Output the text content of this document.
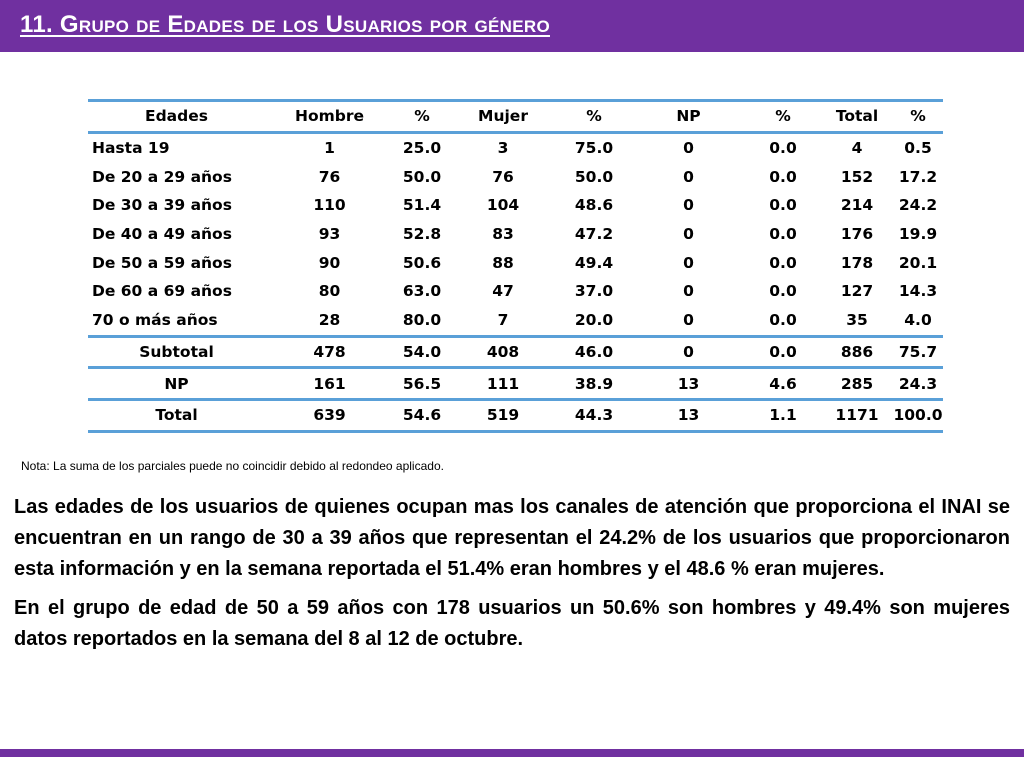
11. Grupo de Edades de los Usuarios por género
Edades	Hombre	%	Mujer	%	NP	%	Total	%
Hasta 19	1	25.0	3	75.0	0	0.0	4	0.5
De 20 a 29 años	76	50.0	76	50.0	0	0.0	152	17.2
De 30 a 39 años	110	51.4	104	48.6	0	0.0	214	24.2
De 40 a 49 años	93	52.8	83	47.2	0	0.0	176	19.9
De 50 a 59 años	90	50.6	88	49.4	0	0.0	178	20.1
De 60 a 69 años	80	63.0	47	37.0	0	0.0	127	14.3
70 o más años	28	80.0	7	20.0	0	0.0	35	4.0
Subtotal	478	54.0	408	46.0	0	0.0	886	75.7
NP	161	56.5	111	38.9	13	4.6	285	24.3
Total	639	54.6	519	44.3	13	1.1	1171	100.0
Nota: La suma de los parciales puede no coincidir debido al redondeo aplicado.

Las edades de los usuarios de quienes ocupan mas los canales de atención que proporciona el INAI se encuentran en un rango de 30 a 39 años que representan el 24.2% de los usuarios que proporcionaron esta información y en la semana reportada el 51.4% eran hombres y el 48.6 % eran mujeres.

En el grupo de edad de 50 a 59 años con 178 usuarios un 50.6% son hombres y 49.4% son mujeres datos reportados en la semana del 8 al 12 de octubre.
